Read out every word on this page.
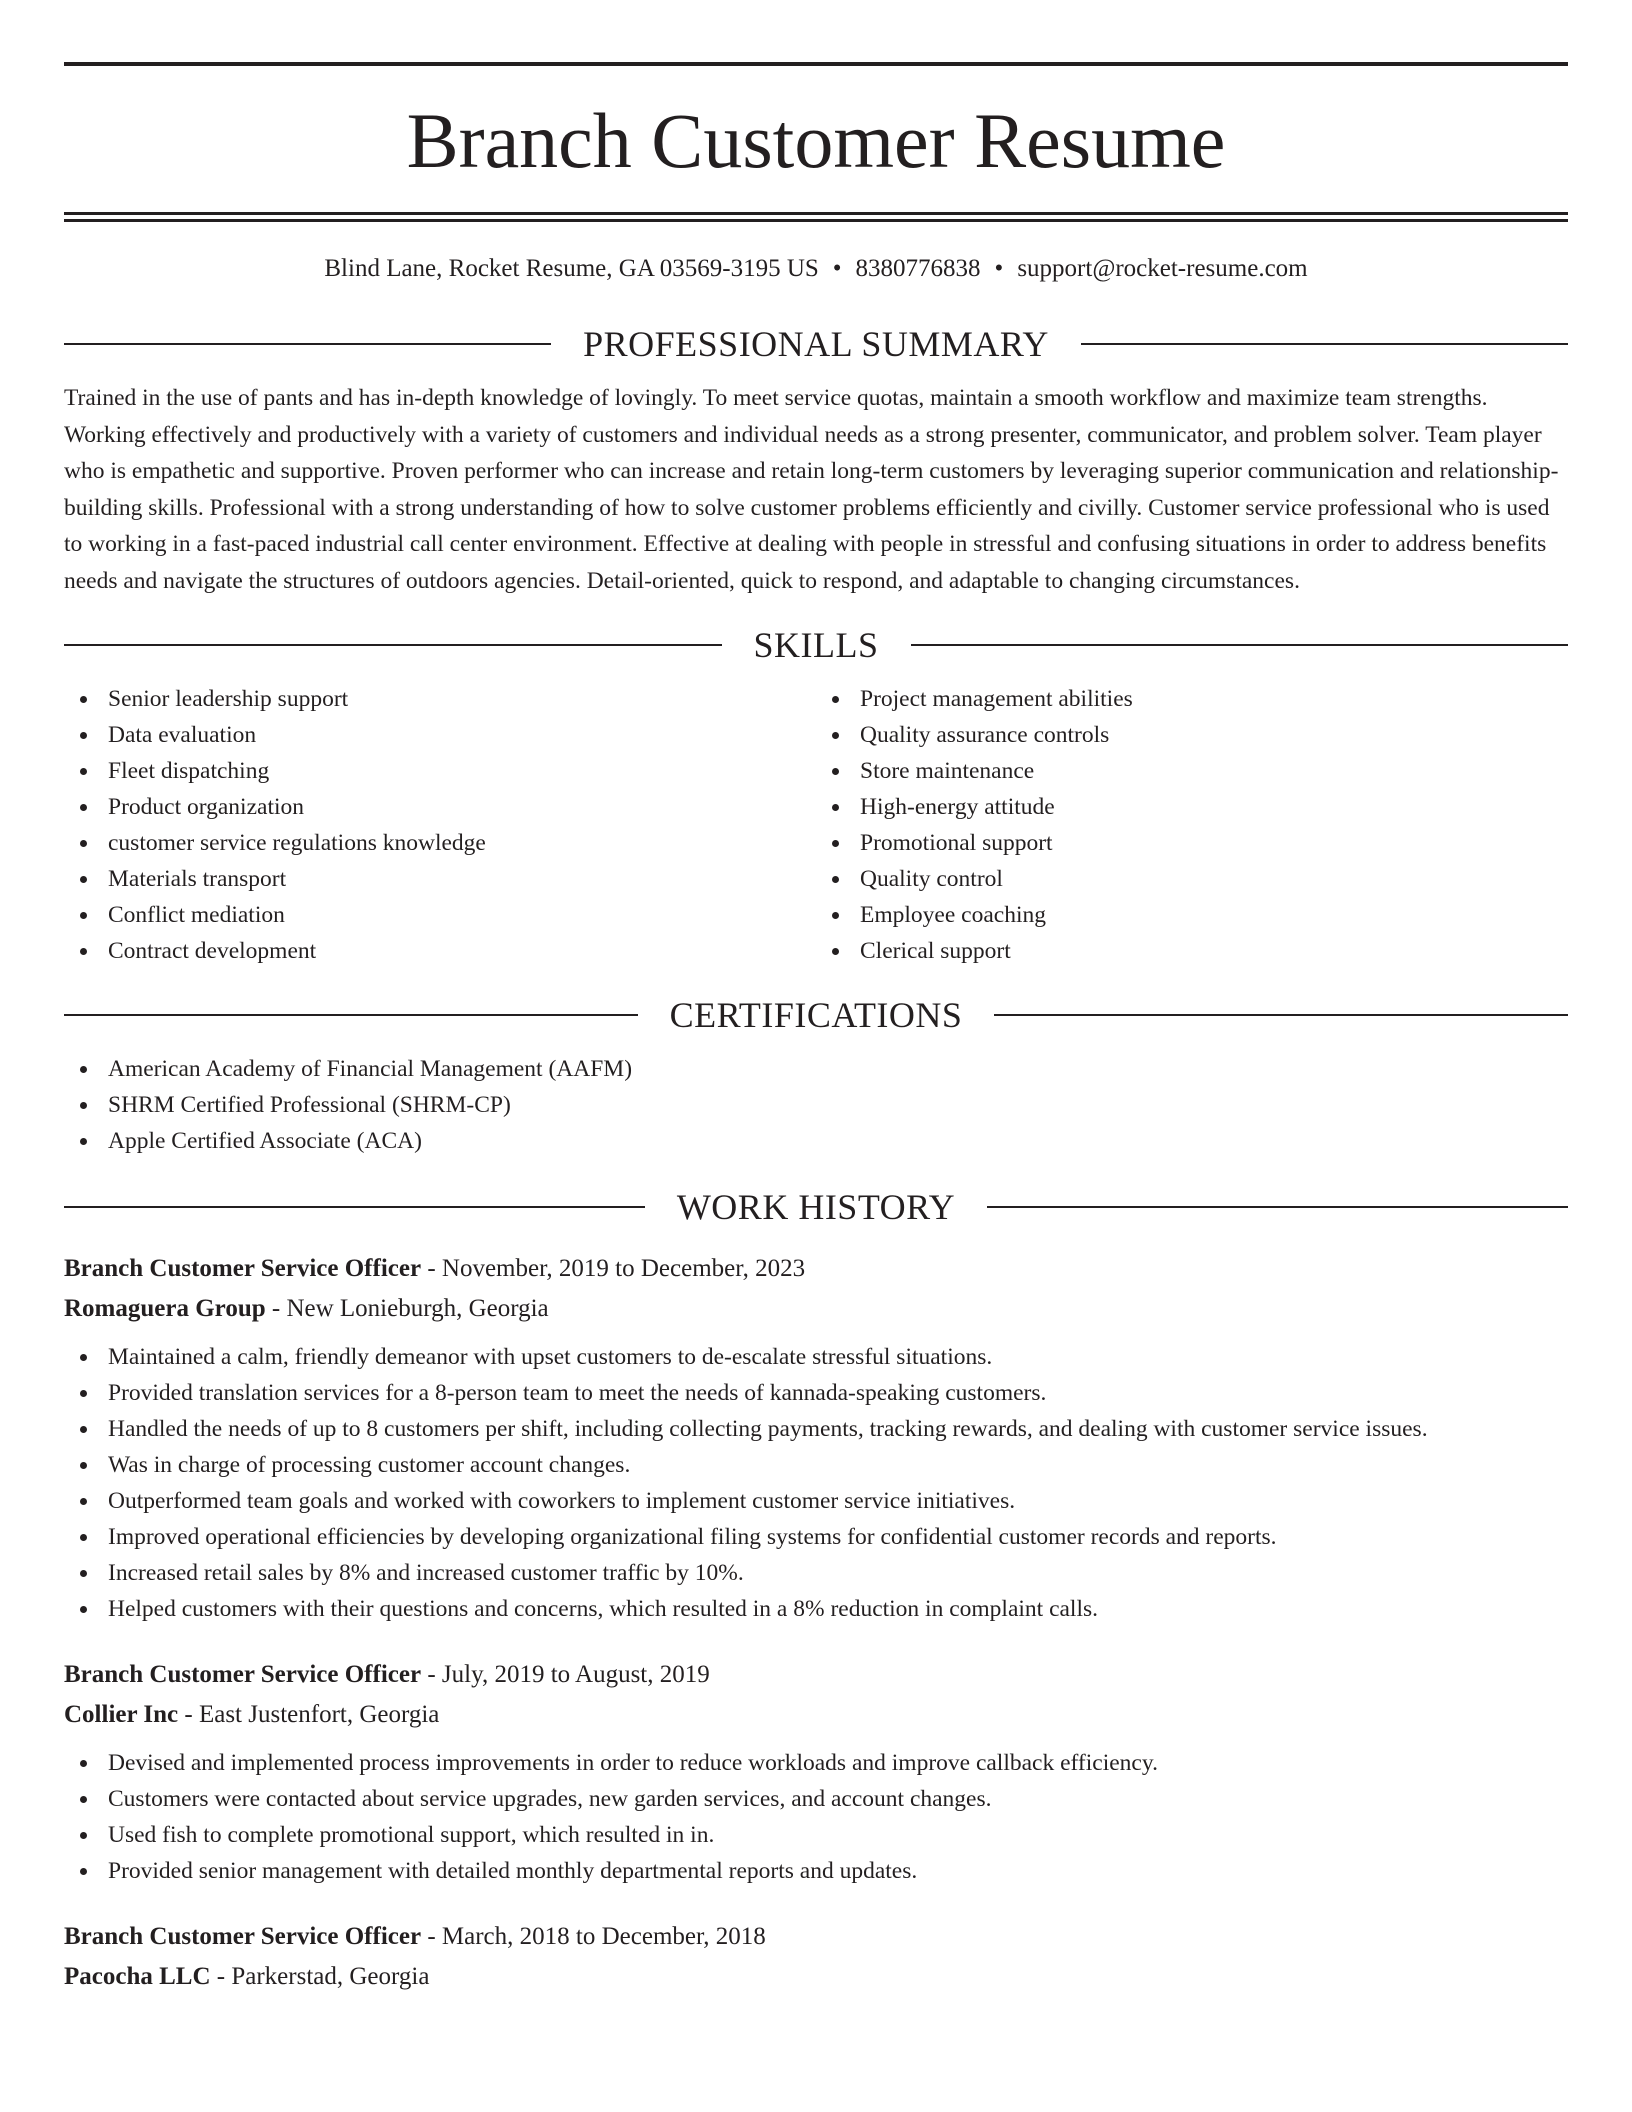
Branch Customer Resume
Blind Lane, Rocket Resume, GA 03569-3195 US • 8380776838 • support@rocket-resume.com
PROFESSIONAL SUMMARY

Trained in the use of pants and has in-depth knowledge of lovingly. To meet service quotas, maintain a smooth workflow and maximize team strengths. Working effectively and productively with a variety of customers and individual needs as a strong presenter, communicator, and problem solver. Team player who is empathetic and supportive. Proven performer who can increase and retain long-term customers by leveraging superior communication and relationship-building skills. Professional with a strong understanding of how to solve customer problems efficiently and civilly. Customer service professional who is used to working in a fast-paced industrial call center environment. Effective at dealing with people in stressful and confusing situations in order to address benefits needs and navigate the structures of outdoors agencies. Detail-oriented, quick to respond, and adaptable to changing circumstances.

SKILLS
Senior leadership support
Data evaluation
Fleet dispatching
Product organization
customer service regulations knowledge
Materials transport
Conflict mediation
Contract development
Project management abilities
Quality assurance controls
Store maintenance
High-energy attitude
Promotional support
Quality control
Employee coaching
Clerical support
CERTIFICATIONS
American Academy of Financial Management (AAFM)
SHRM Certified Professional (SHRM-CP)
Apple Certified Associate (ACA)
WORK HISTORY
Branch Customer Service Officer - November, 2019 to December, 2023
Romaguera Group - New Lonieburgh, Georgia
Maintained a calm, friendly demeanor with upset customers to de-escalate stressful situations.
Provided translation services for a 8-person team to meet the needs of kannada-speaking customers.
Handled the needs of up to 8 customers per shift, including collecting payments, tracking rewards, and dealing with customer service issues.
Was in charge of processing customer account changes.
Outperformed team goals and worked with coworkers to implement customer service initiatives.
Improved operational efficiencies by developing organizational filing systems for confidential customer records and reports.
Increased retail sales by 8% and increased customer traffic by 10%.
Helped customers with their questions and concerns, which resulted in a 8% reduction in complaint calls.
Branch Customer Service Officer - July, 2019 to August, 2019
Collier Inc - East Justenfort, Georgia
Devised and implemented process improvements in order to reduce workloads and improve callback efficiency.
Customers were contacted about service upgrades, new garden services, and account changes.
Used fish to complete promotional support, which resulted in in.
Provided senior management with detailed monthly departmental reports and updates.
Branch Customer Service Officer - March, 2018 to December, 2018
Pacocha LLC - Parkerstad, Georgia
